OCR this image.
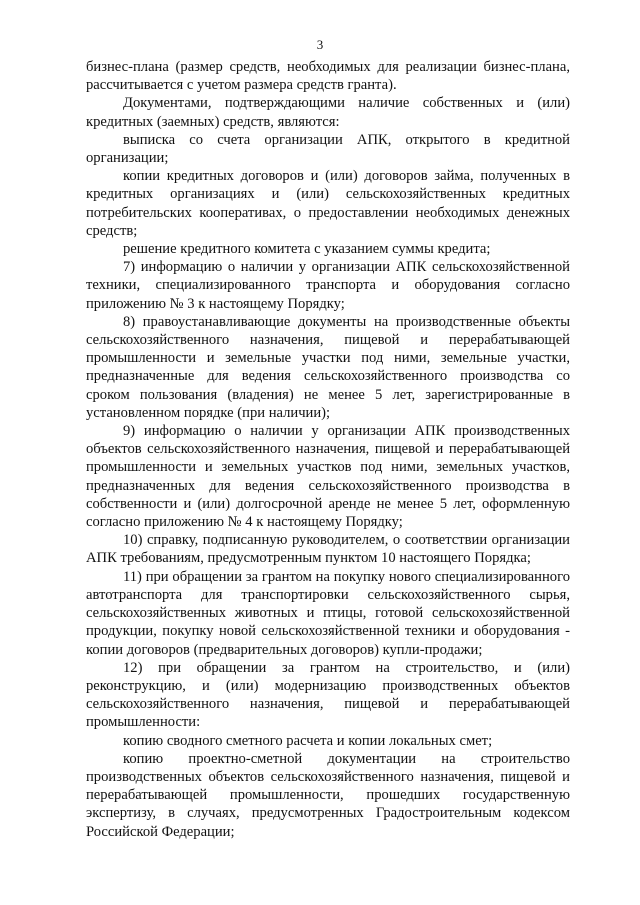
3

бизнес-плана (размер средств, необходимых для реализации бизнес-плана, рассчитывается с учетом размера средств гранта).

Документами, подтверждающими наличие собственных и (или) кредитных (заемных) средств, являются:

выписка со счета организации АПК, открытого в кредитной организации;

копии кредитных договоров и (или) договоров займа, полученных в кредитных организациях и (или) сельскохозяйственных кредитных потребительских кооперативах, о предоставлении необходимых денежных средств;

решение кредитного комитета с указанием суммы кредита;

7) информацию о наличии у организации АПК сельскохозяйственной техники, специализированного транспорта и оборудования согласно приложению № 3 к настоящему Порядку;

8) правоустанавливающие документы на производственные объекты сельскохозяйственного назначения, пищевой и перерабатывающей промышленности и земельные участки под ними, земельные участки, предназначенные для ведения сельскохозяйственного производства со сроком пользования (владения) не менее 5 лет, зарегистрированные в установленном порядке (при наличии);

9) информацию о наличии у организации АПК производственных объектов сельскохозяйственного назначения, пищевой и перерабатывающей промышленности и земельных участков под ними, земельных участков, предназначенных для ведения сельскохозяйственного производства в собственности и (или) долгосрочной аренде не менее 5 лет, оформленную согласно приложению № 4 к настоящему Порядку;

10) справку, подписанную руководителем, о соответствии организации АПК требованиям, предусмотренным пунктом 10 настоящего Порядка;

11) при обращении за грантом на покупку нового специализированного автотранспорта для транспортировки сельскохозяйственного сырья, сельскохозяйственных животных и птицы, готовой сельскохозяйственной продукции, покупку новой сельскохозяйственной техники и оборудования - копии договоров (предварительных договоров) купли-продажи;

12) при обращении за грантом на строительство, и (или) реконструкцию, и (или) модернизацию производственных объектов сельскохозяйственного назначения, пищевой и перерабатывающей промышленности:

копию сводного сметного расчета и копии локальных смет;

копию проектно-сметной документации на строительство производственных объектов сельскохозяйственного назначения, пищевой и перерабатывающей промышленности, прошедших государственную экспертизу, в случаях, предусмотренных Градостроительным кодексом Российской Федерации;
